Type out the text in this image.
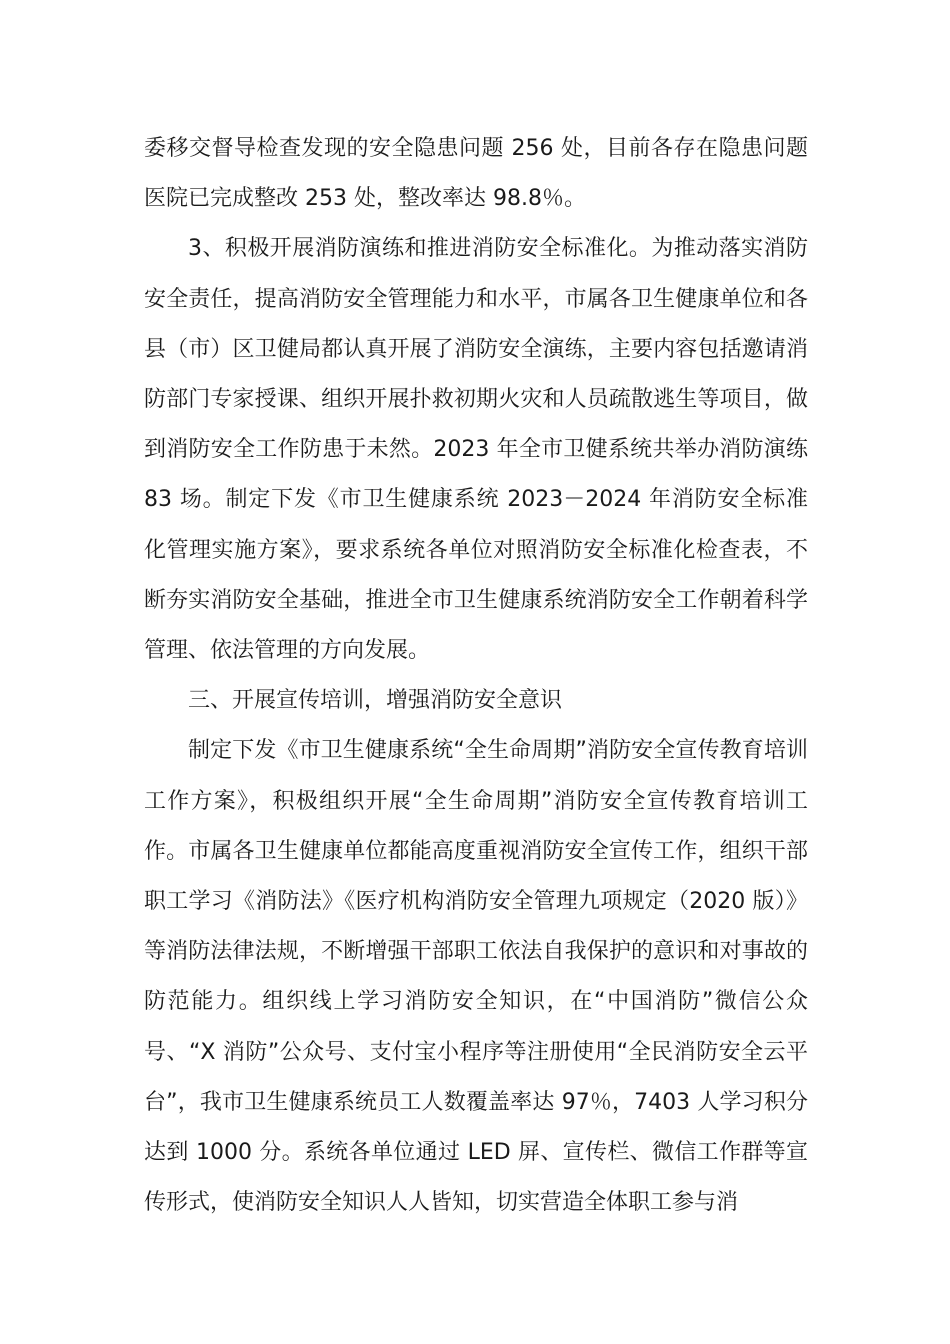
委移交督导检查发现的安全隐患问题 256 处，目前各存在隐患问题医院已完成整改 253 处，整改率达 98.8％。

3、积极开展消防演练和推进消防安全标准化。为推动落实消防安全责任，提高消防安全管理能力和水平，市属各卫生健康单位和各县（市）区卫健局都认真开展了消防安全演练，主要内容包括邀请消防部门专家授课、组织开展扑救初期火灾和人员疏散逃生等项目，做到消防安全工作防患于未然。2023 年全市卫健系统共举办消防演练 83 场。制定下发《市卫生健康系统 2023－2024 年消防安全标准化管理实施方案》，要求系统各单位对照消防安全标准化检查表，不断夯实消防安全基础，推进全市卫生健康系统消防安全工作朝着科学管理、依法管理的方向发展。

三、开展宣传培训，增强消防安全意识

制定下发《市卫生健康系统“全生命周期”消防安全宣传教育培训工作方案》，积极组织开展“全生命周期”消防安全宣传教育培训工作。市属各卫生健康单位都能高度重视消防安全宣传工作，组织干部职工学习《消防法》《医疗机构消防安全管理九项规定（2020 版）》等消防法律法规，不断增强干部职工依法自我保护的意识和对事故的防范能力。组织线上学习消防安全知识，在“中国消防”微信公众号、“X 消防”公众号、支付宝小程序等注册使用“全民消防安全云平台”，我市卫生健康系统员工人数覆盖率达 97％，7403 人学习积分达到 1000 分。系统各单位通过 LED 屏、宣传栏、微信工作群等宣传形式，使消防安全知识人人皆知，切实营造全体职工参与消
